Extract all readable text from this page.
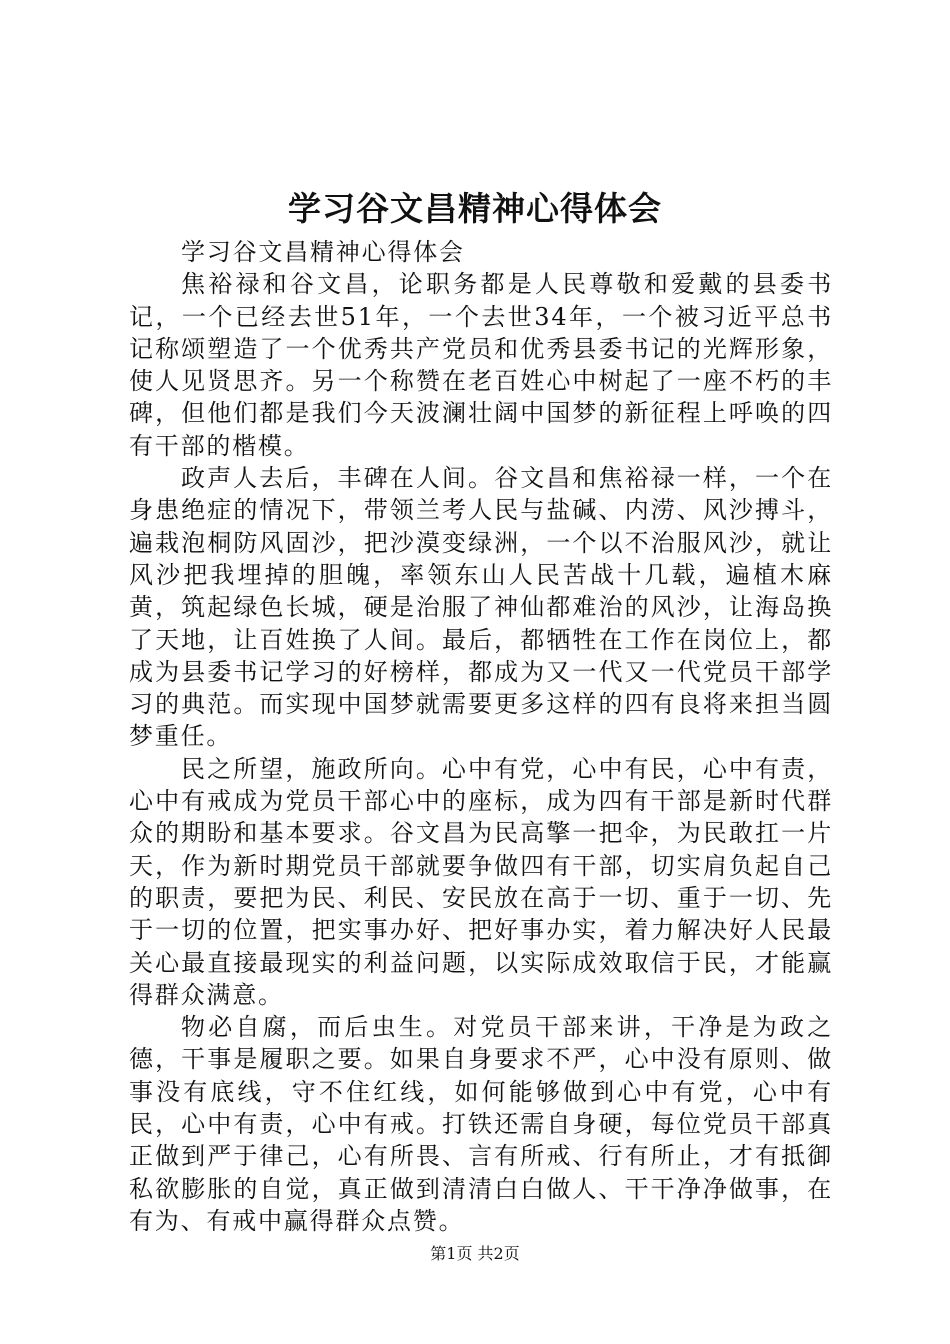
学习谷文昌精神心得体会

学习谷文昌精神心得体会

焦裕禄和谷文昌，论职务都是人民尊敬和爱戴的县委书记，一个已经去世51年，一个去世34年，一个被习近平总书记称颂塑造了一个优秀共产党员和优秀县委书记的光辉形象，使人见贤思齐。另一个称赞在老百姓心中树起了一座不朽的丰碑，但他们都是我们今天波澜壮阔中国梦的新征程上呼唤的四有干部的楷模。

政声人去后，丰碑在人间。谷文昌和焦裕禄一样，一个在身患绝症的情况下，带领兰考人民与盐碱、内涝、风沙搏斗，遍栽泡桐防风固沙，把沙漠变绿洲，一个以不治服风沙，就让风沙把我埋掉的胆魄，率领东山人民苦战十几载，遍植木麻黄，筑起绿色长城，硬是治服了神仙都难治的风沙，让海岛换了天地，让百姓换了人间。最后，都牺牲在工作在岗位上，都成为县委书记学习的好榜样，都成为又一代又一代党员干部学习的典范。而实现中国梦就需要更多这样的四有良将来担当圆梦重任。

民之所望，施政所向。心中有党，心中有民，心中有责，心中有戒成为党员干部心中的座标，成为四有干部是新时代群众的期盼和基本要求。谷文昌为民高擎一把伞，为民敢扛一片天，作为新时期党员干部就要争做四有干部，切实肩负起自己的职责，要把为民、利民、安民放在高于一切、重于一切、先于一切的位置，把实事办好、把好事办实，着力解决好人民最关心最直接最现实的利益问题，以实际成效取信于民，才能赢得群众满意。

物必自腐，而后虫生。对党员干部来讲，干净是为政之德，干事是履职之要。如果自身要求不严，心中没有原则、做事没有底线，守不住红线，如何能够做到心中有党，心中有民，心中有责，心中有戒。打铁还需自身硬，每位党员干部真正做到严于律己，心有所畏、言有所戒、行有所止，才有抵御私欲膨胀的自觉，真正做到清清白白做人、干干净净做事，在有为、有戒中赢得群众点赞。

第1页 共2页
